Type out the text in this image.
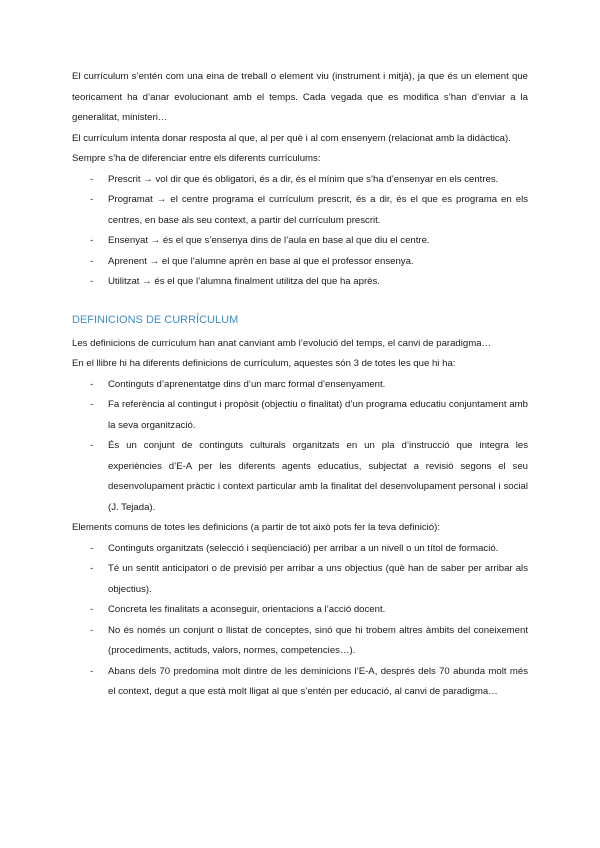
El currículum s’entén com una eina de treball o element viu (instrument i mitjà), ja que és un element que teoricament ha d’anar evolucionant amb el temps. Cada vegada que es modifica s’han d’enviar a la generalitat, ministeri…

El currículum intenta donar resposta al que, al per què i al com ensenyem (relacionat amb la didàctica).

Sempre s’ha de diferenciar entre els diferents currículums:

- Prescrit → vol dir que és obligatori, és a dir, és el mínim que s’ha d’ensenyar en els centres.
- Programat → el centre programa el currículum prescrit, és a dir, és el que es programa en els centres, en base als seu context, a partir del currículum prescrit.
- Ensenyat → és el que s’ensenya dins de l’aula en base al que diu el centre.
- Aprenent → el que l’alumne aprèn en base al que el professor ensenya.
- Utilitzat → és el que l’alumna finalment utilitza del que ha après.
DEFINICIONS DE CURRÍCULUM

Les definicions de currículum han anat canviant amb l’evolució del temps, el canvi de paradigma…

En el llibre hi ha diferents definicions de currículum, aquestes són 3 de totes les que hi ha:

- Continguts d’aprenentatge dins d’un marc formal d’ensenyament.
- Fa referència al contingut i propòsit (objectiu o finalitat) d’un programa educatiu conjuntament amb la seva organització.
- És un conjunt de continguts culturals organitzats en un pla d’instrucció que integra les experiències d’E-A per les diferents agents educatius, subjectat a revisió segons el seu desenvolupament pràctic i context particular amb la finalitat del desenvolupament personal i social (J. Tejada).

Elements comuns de totes les definicions (a partir de tot això pots fer la teva definició):

- Continguts organitzats (selecció i seqüenciació) per arribar a un nivell o un títol de formació.
- Té un sentit anticipatori o de previsió per arribar a uns objectius (què han de saber per arribar als objectius).
- Concreta les finalitats a aconseguir, orientacions a l’acció docent.
- No és només un conjunt o llistat de conceptes, sinó que hi trobem altres àmbits del coneixement (procediments, actituds, valors, normes, competencies…).
- Abans dels 70 predomina molt dintre de les deminicions l’E-A, després dels 70 abunda molt més el context, degut a que està molt lligat al que s’entén per educació, al canvi de paradigma…
